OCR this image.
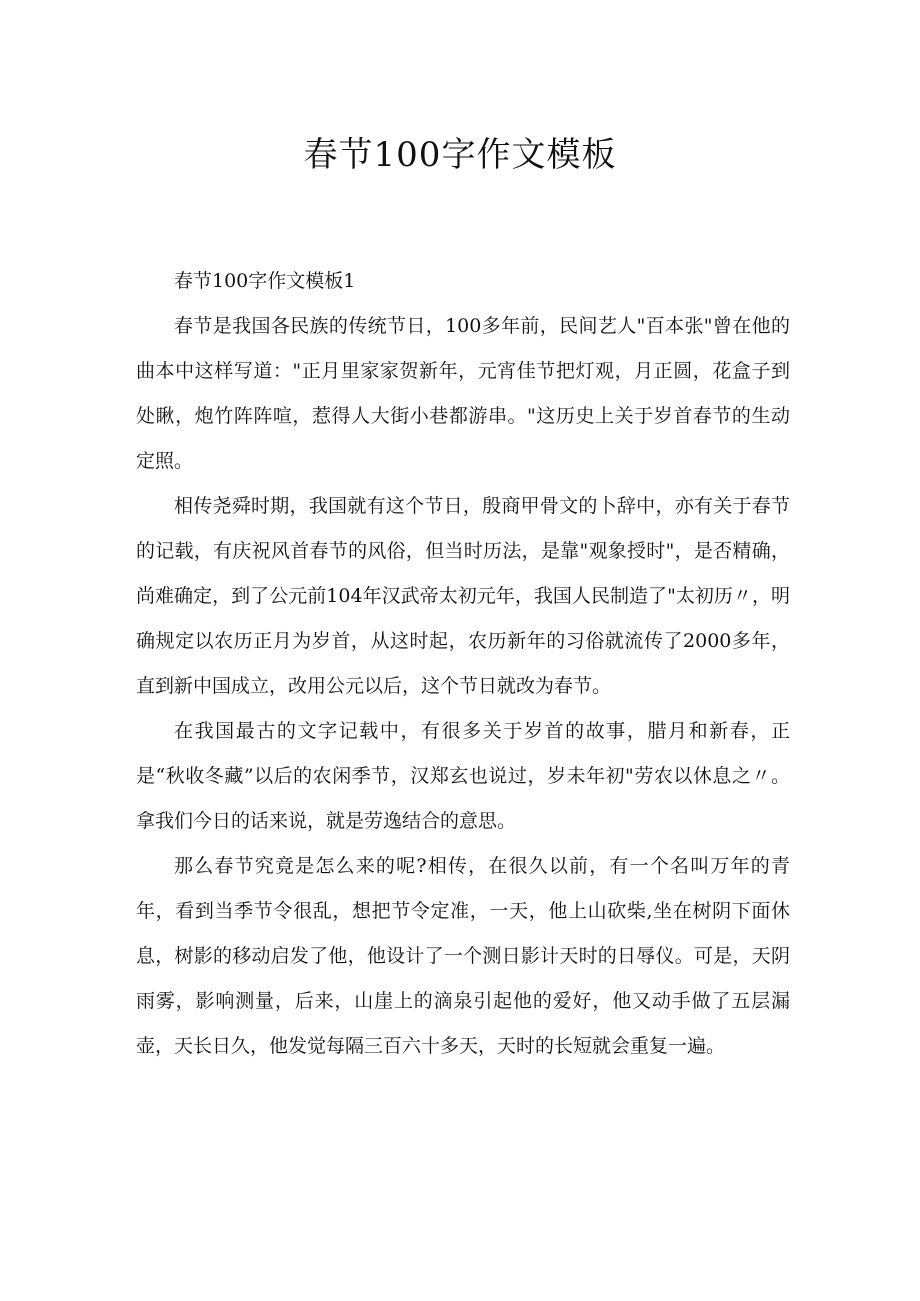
春节100字作文模板

春节100字作文模板1

春节是我国各民族的传统节日，100多年前，民间艺人"百本张"曾在他的曲本中这样写道："正月里家家贺新年，元宵佳节把灯观，月正圆，花盒子到处瞅，炮竹阵阵喧，惹得人大街小巷都游串。"这历史上关于岁首春节的生动定照。

相传尧舜时期，我国就有这个节日，殷商甲骨文的卜辞中，亦有关于春节的记载，有庆祝风首春节的风俗，但当时历法，是靠"观象授时"，是否精确，尚难确定，到了公元前104年汉武帝太初元年，我国人民制造了"太初历〃，明确规定以农历正月为岁首，从这时起，农历新年的习俗就流传了2000多年，直到新中国成立，改用公元以后，这个节日就改为春节。

在我国最古的文字记载中，有很多关于岁首的故事，腊月和新春，正是“秋收冬藏”以后的农闲季节，汉郑玄也说过，岁未年初"劳农以休息之〃。拿我们今日的话来说，就是劳逸结合的意思。

那么春节究竟是怎么来的呢?相传，在很久以前，有一个名叫万年的青年，看到当季节令很乱，想把节令定准，一天，他上山砍柴,坐在树阴下面休息，树影的移动启发了他，他设计了一个测日影计天时的日辱仪。可是，天阴雨雾，影响测量，后来，山崖上的滴泉引起他的爱好，他又动手做了五层漏壶，天长日久，他发觉每隔三百六十多天，天时的长短就会重复一遍。
